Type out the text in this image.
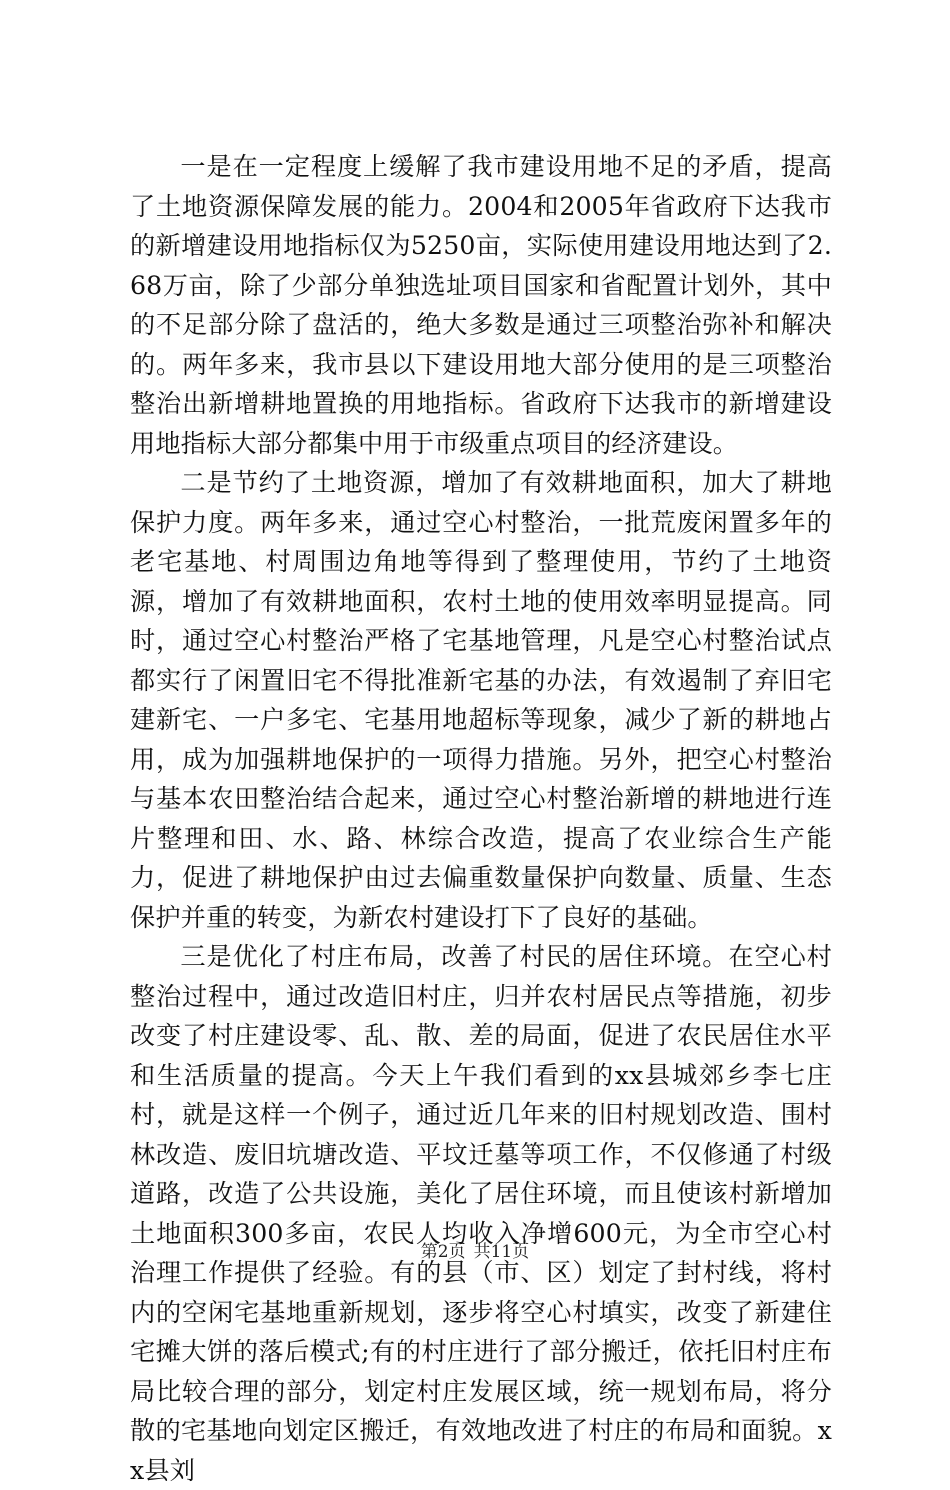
一是在一定程度上缓解了我市建设用地不足的矛盾，提高了土地资源保障发展的能力。2004和2005年省政府下达我市的新增建设用地指标仅为5250亩，实际使用建设用地达到了2.68万亩，除了少部分单独选址项目国家和省配置计划外，其中的不足部分除了盘活的，绝大多数是通过三项整治弥补和解决的。两年多来，我市县以下建设用地大部分使用的是三项整治整治出新增耕地置换的用地指标。省政府下达我市的新增建设用地指标大部分都集中用于市级重点项目的经济建设。

二是节约了土地资源，增加了有效耕地面积，加大了耕地保护力度。两年多来，通过空心村整治，一批荒废闲置多年的老宅基地、村周围边角地等得到了整理使用，节约了土地资源，增加了有效耕地面积，农村土地的使用效率明显提高。同时，通过空心村整治严格了宅基地管理，凡是空心村整治试点都实行了闲置旧宅不得批准新宅基的办法，有效遏制了弃旧宅建新宅、一户多宅、宅基用地超标等现象，减少了新的耕地占用，成为加强耕地保护的一项得力措施。另外，把空心村整治与基本农田整治结合起来，通过空心村整治新增的耕地进行连片整理和田、水、路、林综合改造，提高了农业综合生产能力，促进了耕地保护由过去偏重数量保护向数量、质量、生态保护并重的转变，为新农村建设打下了良好的基础。

三是优化了村庄布局，改善了村民的居住环境。在空心村整治过程中，通过改造旧村庄，归并农村居民点等措施，初步改变了村庄建设零、乱、散、差的局面，促进了农民居住水平和生活质量的提高。今天上午我们看到的xx县城郊乡李七庄村，就是这样一个例子，通过近几年来的旧村规划改造、围村林改造、废旧坑塘改造、平坟迁墓等项工作，不仅修通了村级道路，改造了公共设施，美化了居住环境，而且使该村新增加土地面积300多亩，农民人均收入净增600元，为全市空心村治理工作提供了经验。有的县（市、区）划定了封村线，将村内的空闲宅基地重新规划，逐步将空心村填实，改变了新建住宅摊大饼的落后模式;有的村庄进行了部分搬迁，依托旧村庄布局比较合理的部分，划定村庄发展区域，统一规划布局，将分散的宅基地向划定区搬迁，有效地改进了村庄的布局和面貌。xx县刘

第2页 共11页
